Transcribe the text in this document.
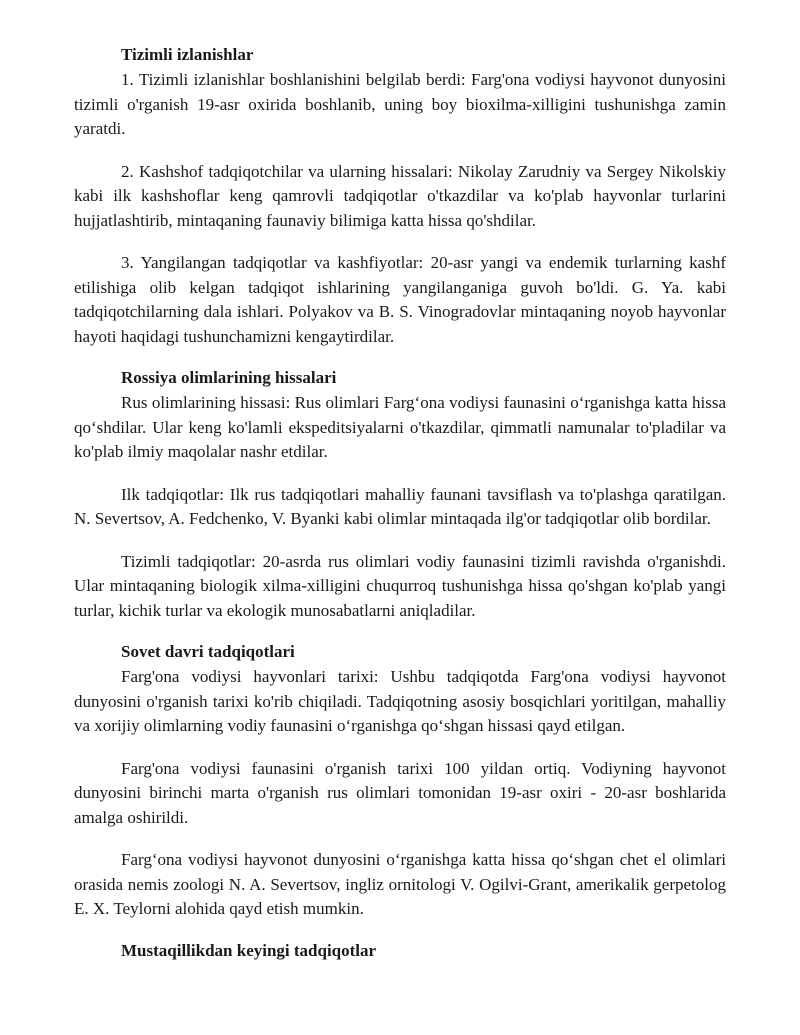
Tizimli izlanishlar

1. Tizimli izlanishlar boshlanishini belgilab berdi: Farg'ona vodiysi hayvonot dunyosini tizimli o'rganish 19-asr oxirida boshlanib, uning boy bioxilma-xilligini tushunishga zamin yaratdi.

2. Kashshof tadqiqotchilar va ularning hissalari: Nikolay Zarudniy va Sergey Nikolskiy kabi ilk kashshoflar keng qamrovli tadqiqotlar o'tkazdilar va ko'plab hayvonlar turlarini hujjatlashtirib, mintaqaning faunaviy bilimiga katta hissa qo'shdilar.

3. Yangilangan tadqiqotlar va kashfiyotlar: 20-asr yangi va endemik turlarning kashf etilishiga olib kelgan tadqiqot ishlarining yangilanganiga guvoh bo'ldi. G. Ya. kabi tadqiqotchilarning dala ishlari. Polyakov va B. S. Vinogradovlar mintaqaning noyob hayvonlar hayoti haqidagi tushunchamizni kengaytirdilar.

Rossiya olimlarining hissalari

Rus olimlarining hissasi: Rus olimlari Farg‘ona vodiysi faunasini o‘rganishga katta hissa qo‘shdilar. Ular keng ko'lamli ekspeditsiyalarni o'tkazdilar, qimmatli namunalar to'pladilar va ko'plab ilmiy maqolalar nashr etdilar.

Ilk tadqiqotlar: Ilk rus tadqiqotlari mahalliy faunani tavsiflash va to'plashga qaratilgan. N. Severtsov, A. Fedchenko, V. Byanki kabi olimlar mintaqada ilg'or tadqiqotlar olib bordilar.

Tizimli tadqiqotlar: 20-asrda rus olimlari vodiy faunasini tizimli ravishda o'rganishdi. Ular mintaqaning biologik xilma-xilligini chuqurroq tushunishga hissa qo'shgan ko'plab yangi turlar, kichik turlar va ekologik munosabatlarni aniqladilar.

Sovet davri tadqiqotlari

Farg'ona vodiysi hayvonlari tarixi: Ushbu tadqiqotda Farg'ona vodiysi hayvonot dunyosini o'rganish tarixi ko'rib chiqiladi. Tadqiqotning asosiy bosqichlari yoritilgan, mahalliy va xorijiy olimlarning vodiy faunasini o‘rganishga qo‘shgan hissasi qayd etilgan.

Farg'ona vodiysi faunasini o'rganish tarixi 100 yildan ortiq. Vodiyning hayvonot dunyosini birinchi marta o'rganish rus olimlari tomonidan 19-asr oxiri - 20-asr boshlarida amalga oshirildi.

Farg‘ona vodiysi hayvonot dunyosini o‘rganishga katta hissa qo‘shgan chet el olimlari orasida nemis zoologi N. A. Severtsov, ingliz ornitologi V. Ogilvi-Grant, amerikalik gerpetolog E. X. Teylorni alohida qayd etish mumkin.

Mustaqillikdan keyingi tadqiqotlar
